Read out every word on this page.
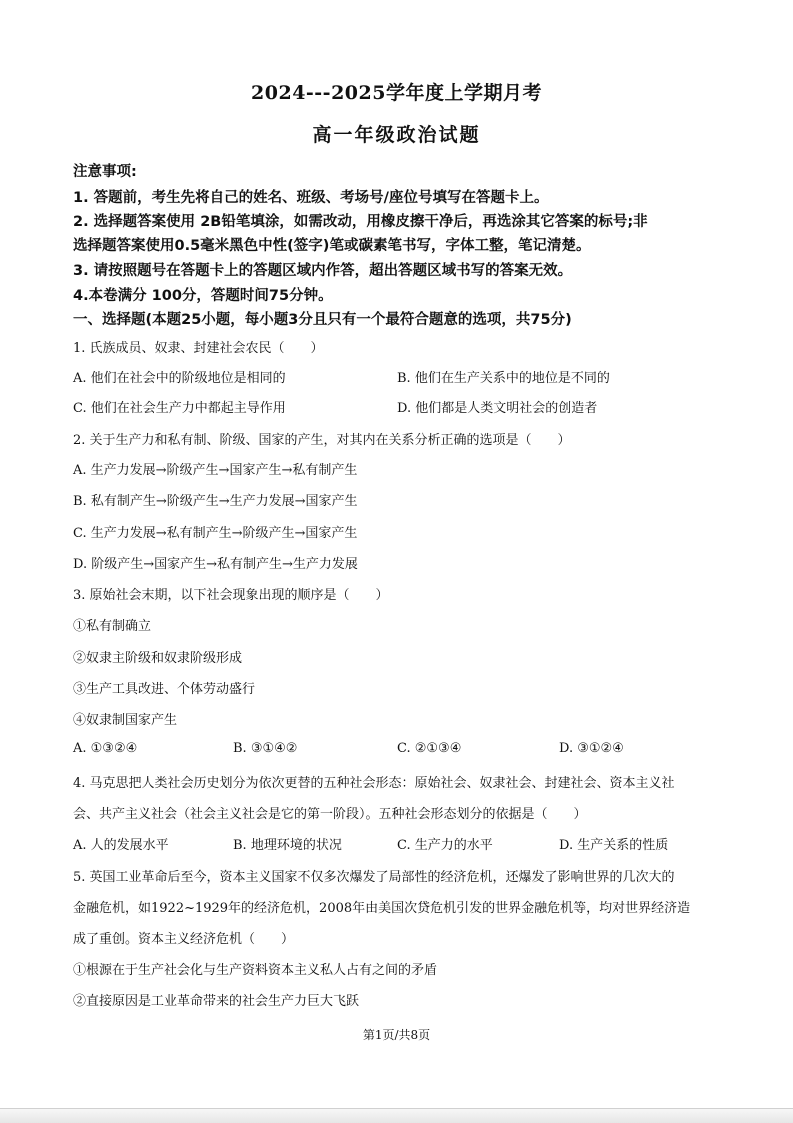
2024---2025学年度上学期月考
高一年级政治试题
注意事项:
1. 答题前，考生先将自己的姓名、班级、考场号/座位号填写在答题卡上。
2. 选择题答案使用 2B铅笔填涂，如需改动，用橡皮擦干净后，再选涂其它答案的标号;非
选择题答案使用0.5毫米黑色中性(签字)笔或碳素笔书写，字体工整，笔记清楚。
3. 请按照题号在答题卡上的答题区域内作答，超出答题区域书写的答案无效。
4.本卷满分 100分，答题时间75分钟。
一、选择题(本题25小题，每小题3分且只有一个最符合题意的选项，共75分)
1. 氏族成员、奴隶、封建社会农民（　　）
A. 他们在社会中的阶级地位是相同的	B. 他们在生产关系中的地位是不同的
C. 他们在社会生产力中都起主导作用	D. 他们都是人类文明社会的创造者
2. 关于生产力和私有制、阶级、国家的产生，对其内在关系分析正确的选项是（　　）
A. 生产力发展→阶级产生→国家产生→私有制产生
B. 私有制产生→阶级产生→生产力发展→国家产生
C. 生产力发展→私有制产生→阶级产生→国家产生
D. 阶级产生→国家产生→私有制产生→生产力发展
3. 原始社会末期，以下社会现象出现的顺序是（　　）
①私有制确立
②奴隶主阶级和奴隶阶级形成
③生产工具改进、个体劳动盛行
④奴隶制国家产生
A. ①③②④	B. ③①④②	C. ②①③④	D. ③①②④
4. 马克思把人类社会历史划分为依次更替的五种社会形态：原始社会、奴隶社会、封建社会、资本主义社
会、共产主义社会（社会主义社会是它的第一阶段）。五种社会形态划分的依据是（　　）
A. 人的发展水平	B. 地理环境的状况	C. 生产力的水平	D. 生产关系的性质
5. 英国工业革命后至今，资本主义国家不仅多次爆发了局部性的经济危机，还爆发了影响世界的几次大的
金融危机，如1922~1929年的经济危机，2008年由美国次贷危机引发的世界金融危机等，均对世界经济造
成了重创。资本主义经济危机（　　）
①根源在于生产社会化与生产资料资本主义私人占有之间的矛盾
②直接原因是工业革命带来的社会生产力巨大飞跃
第1页/共8页
